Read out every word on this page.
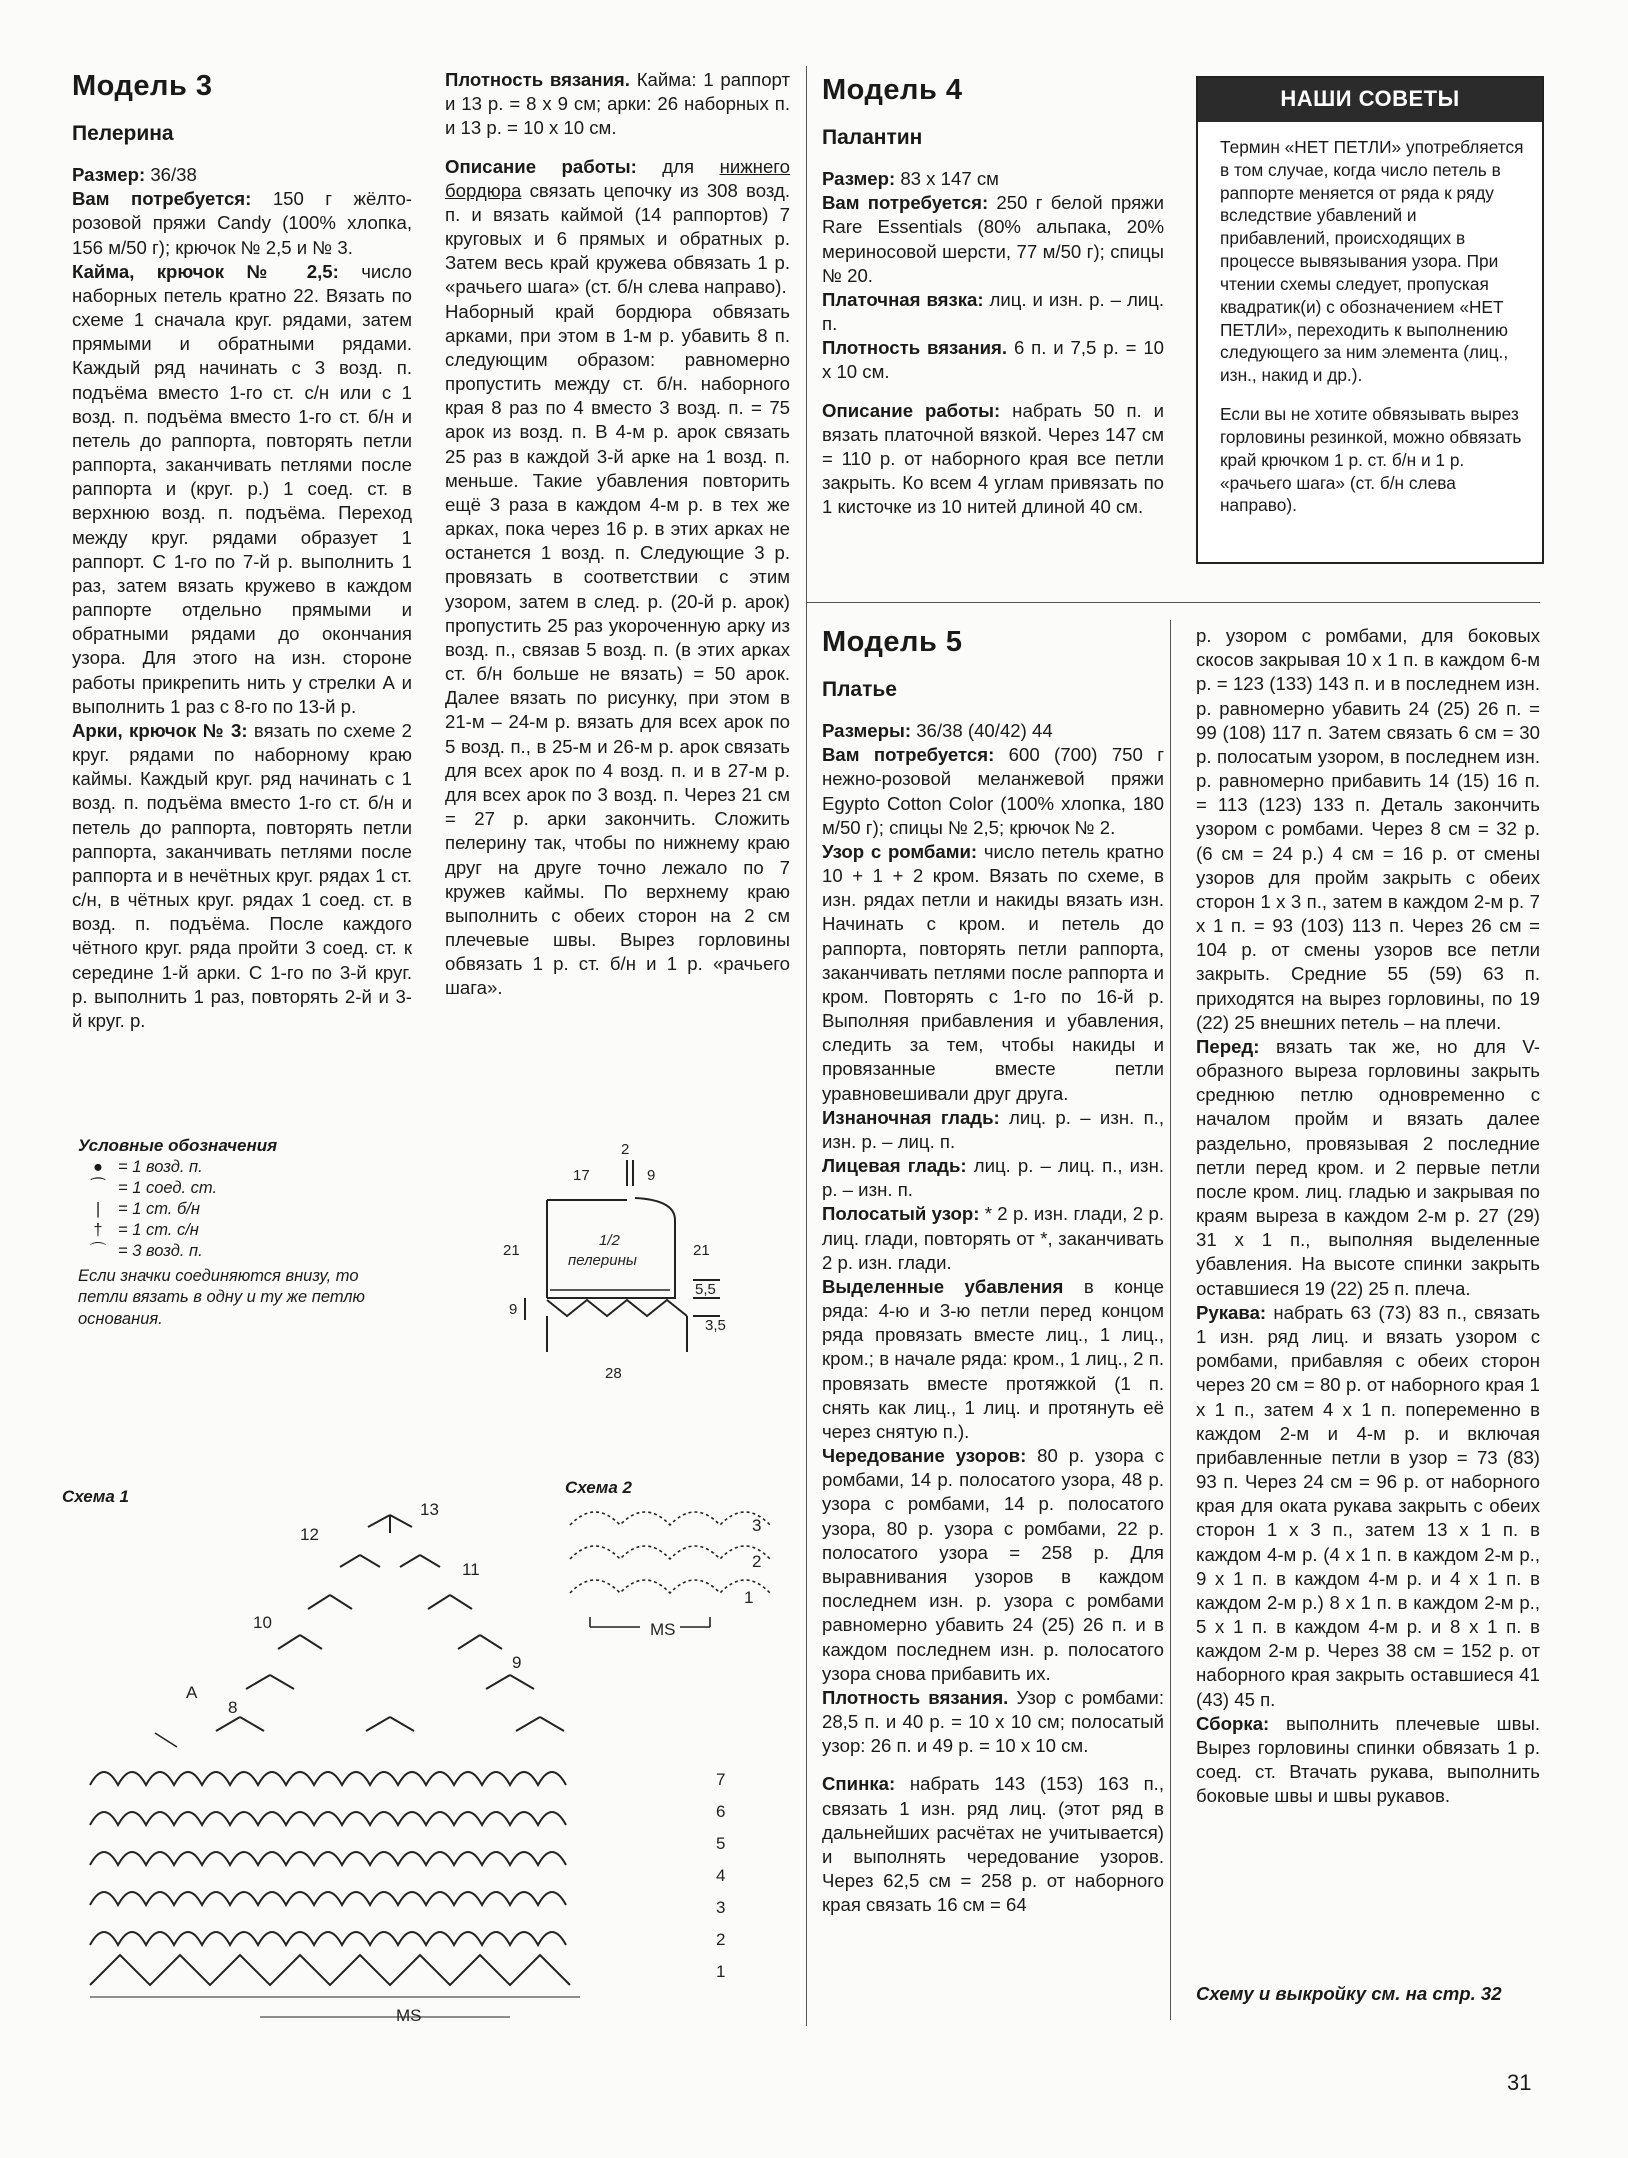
Модель 3
Пелерина

Размер: 36/38

Вам потребуется: 150 г жёлто-розовой пряжи Candy (100% хлопка, 156 м/50 г); крючок № 2,5 и № 3.

Кайма, крючок № 2,5: число наборных петель кратно 22. Вязать по схеме 1 сначала круг. рядами, затем прямыми и обратными рядами. Каждый ряд начинать с 3 возд. п. подъёма вместо 1-го ст. с/н или с 1 возд. п. подъёма вместо 1-го ст. б/н и петель до раппорта, повторять петли раппорта, заканчивать петлями после раппорта и (круг. р.) 1 соед. ст. в верхнюю возд. п. подъёма. Переход между круг. рядами образует 1 раппорт. С 1-го по 7-й р. выполнить 1 раз, затем вязать кружево в каждом раппорте отдельно прямыми и обратными рядами до окончания узора. Для этого на изн. стороне работы прикрепить нить у стрелки А и выполнить 1 раз с 8-го по 13-й р.

Арки, крючок № 3: вязать по схеме 2 круг. рядами по наборному краю каймы. Каждый круг. ряд начинать с 1 возд. п. подъёма вместо 1-го ст. б/н и петель до раппорта, повторять петли раппорта, заканчивать петлями после раппорта и в нечётных круг. рядах 1 ст. с/н, в чётных круг. рядах 1 соед. ст. в возд. п. подъёма. После каждого чётного круг. ряда пройти 3 соед. ст. к середине 1-й арки. С 1-го по 3-й круг. р. выполнить 1 раз, повторять 2-й и 3-й круг. р.

Плотность вязания. Кайма: 1 раппорт и 13 р. = 8 х 9 см; арки: 26 наборных п. и 13 р. = 10 х 10 см.

Описание работы: для нижнего бордюра связать цепочку из 308 возд. п. и вязать каймой (14 раппортов) 7 круговых и 6 прямых и обратных р. Затем весь край кружева обвязать 1 р. «рачьего шага» (ст. б/н слева направо).

Наборный край бордюра обвязать арками, при этом в 1-м р. убавить 8 п. следующим образом: равномерно пропустить между ст. б/н. наборного края 8 раз по 4 вместо 3 возд. п. = 75 арок из возд. п. В 4-м р. арок связать 25 раз в каждой 3-й арке на 1 возд. п. меньше. Такие убавления повторить ещё 3 раза в каждом 4-м р. в тех же арках, пока через 16 р. в этих арках не останется 1 возд. п. Следующие 3 р. провязать в соответствии с этим узором, затем в след. р. (20-й р. арок) пропустить 25 раз укороченную арку из возд. п., связав 5 возд. п. (в этих арках ст. б/н больше не вязать) = 50 арок. Далее вязать по рисунку, при этом в 21-м – 24-м р. вязать для всех арок по 5 возд. п., в 25-м и 26-м р. арок связать для всех арок по 4 возд. п. и в 27-м р. для всех арок по 3 возд. п. Через 21 см = 27 р. арки закончить. Сложить пелерину так, чтобы по нижнему краю друг на друге точно лежало по 7 кружев каймы. По верхнему краю выполнить с обеих сторон на 2 см плечевые швы. Вырез горловины обвязать 1 р. ст. б/н и 1 р. «рачьего шага».

Модель 4
Палантин

Размер: 83 х 147 см

Вам потребуется: 250 г белой пряжи Rare Essentials (80% альпака, 20% мериносовой шерсти, 77 м/50 г); спицы № 20.

Платочная вязка: лиц. и изн. р. – лиц. п.

Плотность вязания. 6 п. и 7,5 р. = 10 х 10 см.

Описание работы: набрать 50 п. и вязать платочной вязкой. Через 147 см = 110 р. от наборного края все петли закрыть. Ко всем 4 углам привязать по 1 кисточке из 10 нитей длиной 40 см.

НАШИ СОВЕТЫ

Термин «НЕТ ПЕТЛИ» употребляется в том случае, когда число петель в раппорте меняется от ряда к ряду вследствие убавлений и прибавлений, происходящих в процессе вывязывания узора. При чтении схемы следует, пропуская квадратик(и) с обозначением «НЕТ ПЕТЛИ», переходить к выполнению следующего за ним элемента (лиц., изн., накид и др.).

Если вы не хотите обвязывать вырез горловины резинкой, можно обвязать край крючком 1 р. ст. б/н и 1 р. «рачьего шага» (ст. б/н слева направо).

Модель 5
Платье

Размеры: 36/38 (40/42) 44

Вам потребуется: 600 (700) 750 г нежно-розовой меланжевой пряжи Egypto Cotton Color (100% хлопка, 180 м/50 г); спицы № 2,5; крючок № 2.

Узор с ромбами: число петель кратно 10 + 1 + 2 кром. Вязать по схеме, в изн. рядах петли и накиды вязать изн. Начинать с кром. и петель до раппорта, повторять петли раппорта, заканчивать петлями после раппорта и кром. Повторять с 1-го по 16-й р. Выполняя прибавления и убавления, следить за тем, чтобы накиды и провязанные вместе петли уравновешивали друг друга.

Изнаночная гладь: лиц. р. – изн. п., изн. р. – лиц. п.

Лицевая гладь: лиц. р. – лиц. п., изн. р. – изн. п.

Полосатый узор: * 2 р. изн. глади, 2 р. лиц. глади, повторять от *, заканчивать 2 р. изн. глади.

Выделенные убавления в конце ряда: 4-ю и 3-ю петли перед концом ряда провязать вместе лиц., 1 лиц., кром.; в начале ряда: кром., 1 лиц., 2 п. провязать вместе протяжкой (1 п. снять как лиц., 1 лиц. и протянуть её через снятую п.).

Чередование узоров: 80 р. узора с ромбами, 14 р. полосатого узора, 48 р. узора с ромбами, 14 р. полосатого узора, 80 р. узора с ромбами, 22 р. полосатого узора = 258 р. Для выравнивания узоров в каждом последнем изн. р. узора с ромбами равномерно убавить 24 (25) 26 п. и в каждом последнем изн. р. полосатого узора снова прибавить их.

Плотность вязания. Узор с ромбами: 28,5 п. и 40 р. = 10 х 10 см; полосатый узор: 26 п. и 49 р. = 10 х 10 см.

Спинка: набрать 143 (153) 163 п., связать 1 изн. ряд лиц. (этот ряд в дальнейших расчётах не учитывается) и выполнять чередование узоров. Через 62,5 см = 258 р. от наборного края связать 16 см = 64

р. узором с ромбами, для боковых скосов закрывая 10 х 1 п. в каждом 6-м р. = 123 (133) 143 п. и в последнем изн. р. равномерно убавить 24 (25) 26 п. = 99 (108) 117 п. Затем связать 6 см = 30 р. полосатым узором, в последнем изн. р. равномерно прибавить 14 (15) 16 п. = 113 (123) 133 п. Деталь закончить узором с ромбами. Через 8 см = 32 р. (6 см = 24 р.) 4 см = 16 р. от смены узоров для пройм закрыть с обеих сторон 1 х 3 п., затем в каждом 2-м р. 7 х 1 п. = 93 (103) 113 п. Через 26 см = 104 р. от смены узоров все петли закрыть. Средние 55 (59) 63 п. приходятся на вырез горловины, по 19 (22) 25 внешних петель – на плечи.

Перед: вязать так же, но для V-образного выреза горловины закрыть среднюю петлю одновременно с началом пройм и вязать далее раздельно, провязывая 2 последние петли перед кром. и 2 первые петли после кром. лиц. гладью и закрывая по краям выреза в каждом 2-м р. 27 (29) 31 х 1 п., выполняя выделенные убавления. На высоте спинки закрыть оставшиеся 19 (22) 25 п. плеча.

Рукава: набрать 63 (73) 83 п., связать 1 изн. ряд лиц. и вязать узором с ромбами, прибавляя с обеих сторон через 20 см = 80 р. от наборного края 1 х 1 п., затем 4 х 1 п. попеременно в каждом 2-м и 4-м р. и включая прибавленные петли в узор = 73 (83) 93 п. Через 24 см = 96 р. от наборного края для оката рукава закрыть с обеих сторон 1 х 3 п., затем 13 х 1 п. в каждом 4-м р. (4 х 1 п. в каждом 2-м р., 9 х 1 п. в каждом 4-м р. и 4 х 1 п. в каждом 2-м р.) 8 х 1 п. в каждом 2-м р., 5 х 1 п. в каждом 4-м р. и 8 х 1 п. в каждом 2-м р. Через 38 см = 152 р. от наборного края закрыть оставшиеся 41 (43) 45 п.

Сборка: выполнить плечевые швы. Вырез горловины спинки обвязать 1 р. соед. ст. Втачать рукава, выполнить боковые швы и швы рукавов.

Схему и выкройку см. на стр. 32
Условные обозначения
● = 1 возд. п.
⁀ = 1 соед. ст.
|	= 1 ст. б/н
† = 1 ст. с/н
⌒ = 3 возд. п.
Если значки соединяются внизу, то петли вязать в одну и ту же петлю основания.
2
17	9
21	21
1/2
пелерины
9
5,5
3,5
28
Схема 1
13
12
11
10
9
8
7
6
5
4
3
2
1
A
MS
Схема 2
3
2
1
MS
31
